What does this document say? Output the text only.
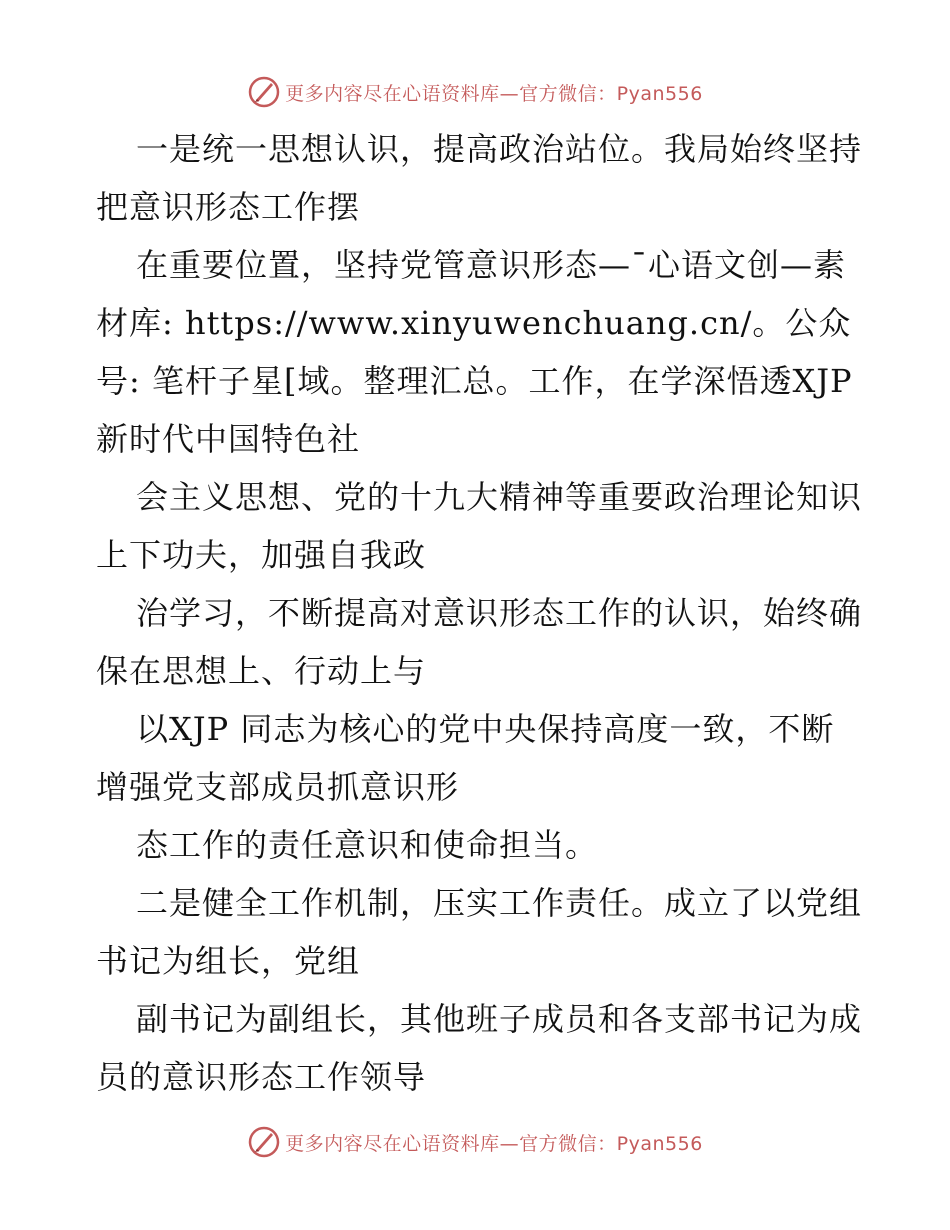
更多内容尽在心语资料库—官方微信：Pyan556

一是统一思想认识，提高政治站位。我局始终坚持把意识形态工作摆

在重要位置，坚持党管意识形态—¯心语文创—素材库: https://www.xinyuwenchuang.cn/。公众号: 笔杆子星[域。整理汇总。工作，在学深悟透XJP 新时代中国特色社

会主义思想、党的十九大精神等重要政治理论知识上下功夫，加强自我政

治学习，不断提高对意识形态工作的认识，始终确保在思想上、行动上与

以XJP 同志为核心的党中央保持高度一致，不断增强党支部成员抓意识形

态工作的责任意识和使命担当。

二是健全工作机制，压实工作责任。成立了以党组书记为组长，党组

副书记为副组长，其他班子成员和各支部书记为成员的意识形态工作领导

更多内容尽在心语资料库—官方微信：Pyan556
